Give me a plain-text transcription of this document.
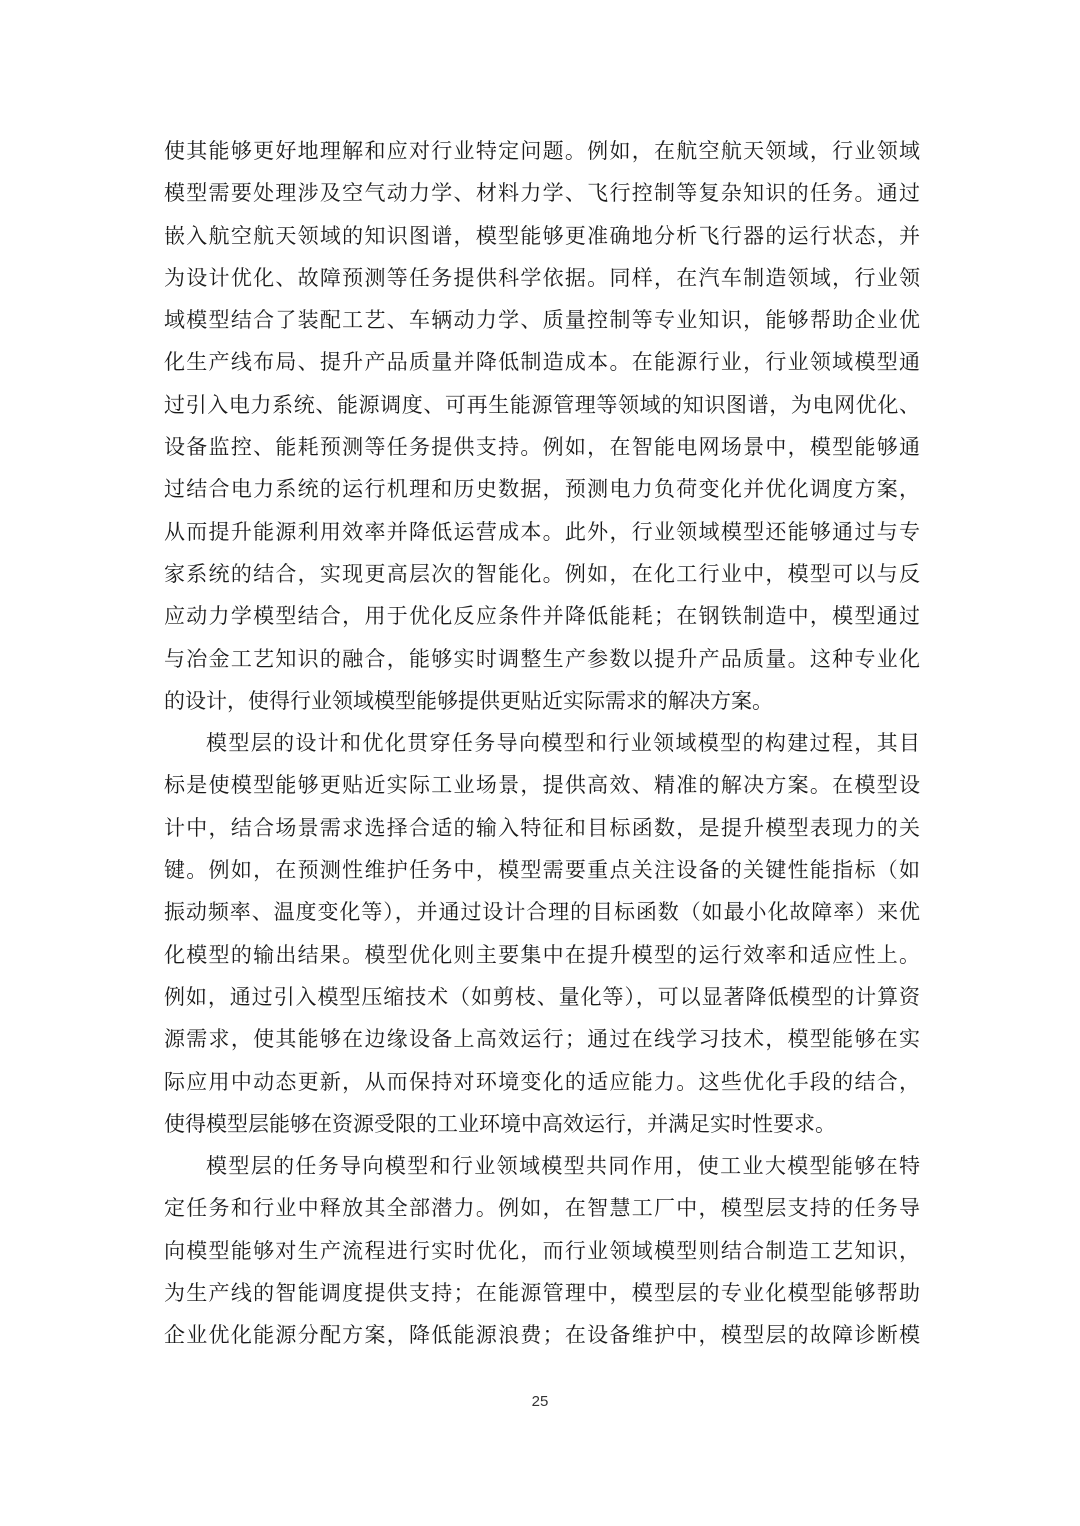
使其能够更好地理解和应对行业特定问题。例如，在航空航天领域，行业领域
模型需要处理涉及空气动力学、材料力学、飞行控制等复杂知识的任务。通过
嵌入航空航天领域的知识图谱，模型能够更准确地分析飞行器的运行状态，并
为设计优化、故障预测等任务提供科学依据。同样，在汽车制造领域，行业领
域模型结合了装配工艺、车辆动力学、质量控制等专业知识，能够帮助企业优
化生产线布局、提升产品质量并降低制造成本。在能源行业，行业领域模型通
过引入电力系统、能源调度、可再生能源管理等领域的知识图谱，为电网优化、
设备监控、能耗预测等任务提供支持。例如，在智能电网场景中，模型能够通
过结合电力系统的运行机理和历史数据，预测电力负荷变化并优化调度方案，
从而提升能源利用效率并降低运营成本。此外，行业领域模型还能够通过与专
家系统的结合，实现更高层次的智能化。例如，在化工行业中，模型可以与反
应动力学模型结合，用于优化反应条件并降低能耗；在钢铁制造中，模型通过
与冶金工艺知识的融合，能够实时调整生产参数以提升产品质量。这种专业化
的设计，使得行业领域模型能够提供更贴近实际需求的解决方案。
模型层的设计和优化贯穿任务导向模型和行业领域模型的构建过程，其目
标是使模型能够更贴近实际工业场景，提供高效、精准的解决方案。在模型设
计中，结合场景需求选择合适的输入特征和目标函数，是提升模型表现力的关
键。例如，在预测性维护任务中，模型需要重点关注设备的关键性能指标（如
振动频率、温度变化等），并通过设计合理的目标函数（如最小化故障率）来优
化模型的输出结果。模型优化则主要集中在提升模型的运行效率和适应性上。
例如，通过引入模型压缩技术（如剪枝、量化等），可以显著降低模型的计算资
源需求，使其能够在边缘设备上高效运行；通过在线学习技术，模型能够在实
际应用中动态更新，从而保持对环境变化的适应能力。这些优化手段的结合，
使得模型层能够在资源受限的工业环境中高效运行，并满足实时性要求。
模型层的任务导向模型和行业领域模型共同作用，使工业大模型能够在特
定任务和行业中释放其全部潜力。例如，在智慧工厂中，模型层支持的任务导
向模型能够对生产流程进行实时优化，而行业领域模型则结合制造工艺知识，
为生产线的智能调度提供支持；在能源管理中，模型层的专业化模型能够帮助
企业优化能源分配方案，降低能源浪费；在设备维护中，模型层的故障诊断模
25
